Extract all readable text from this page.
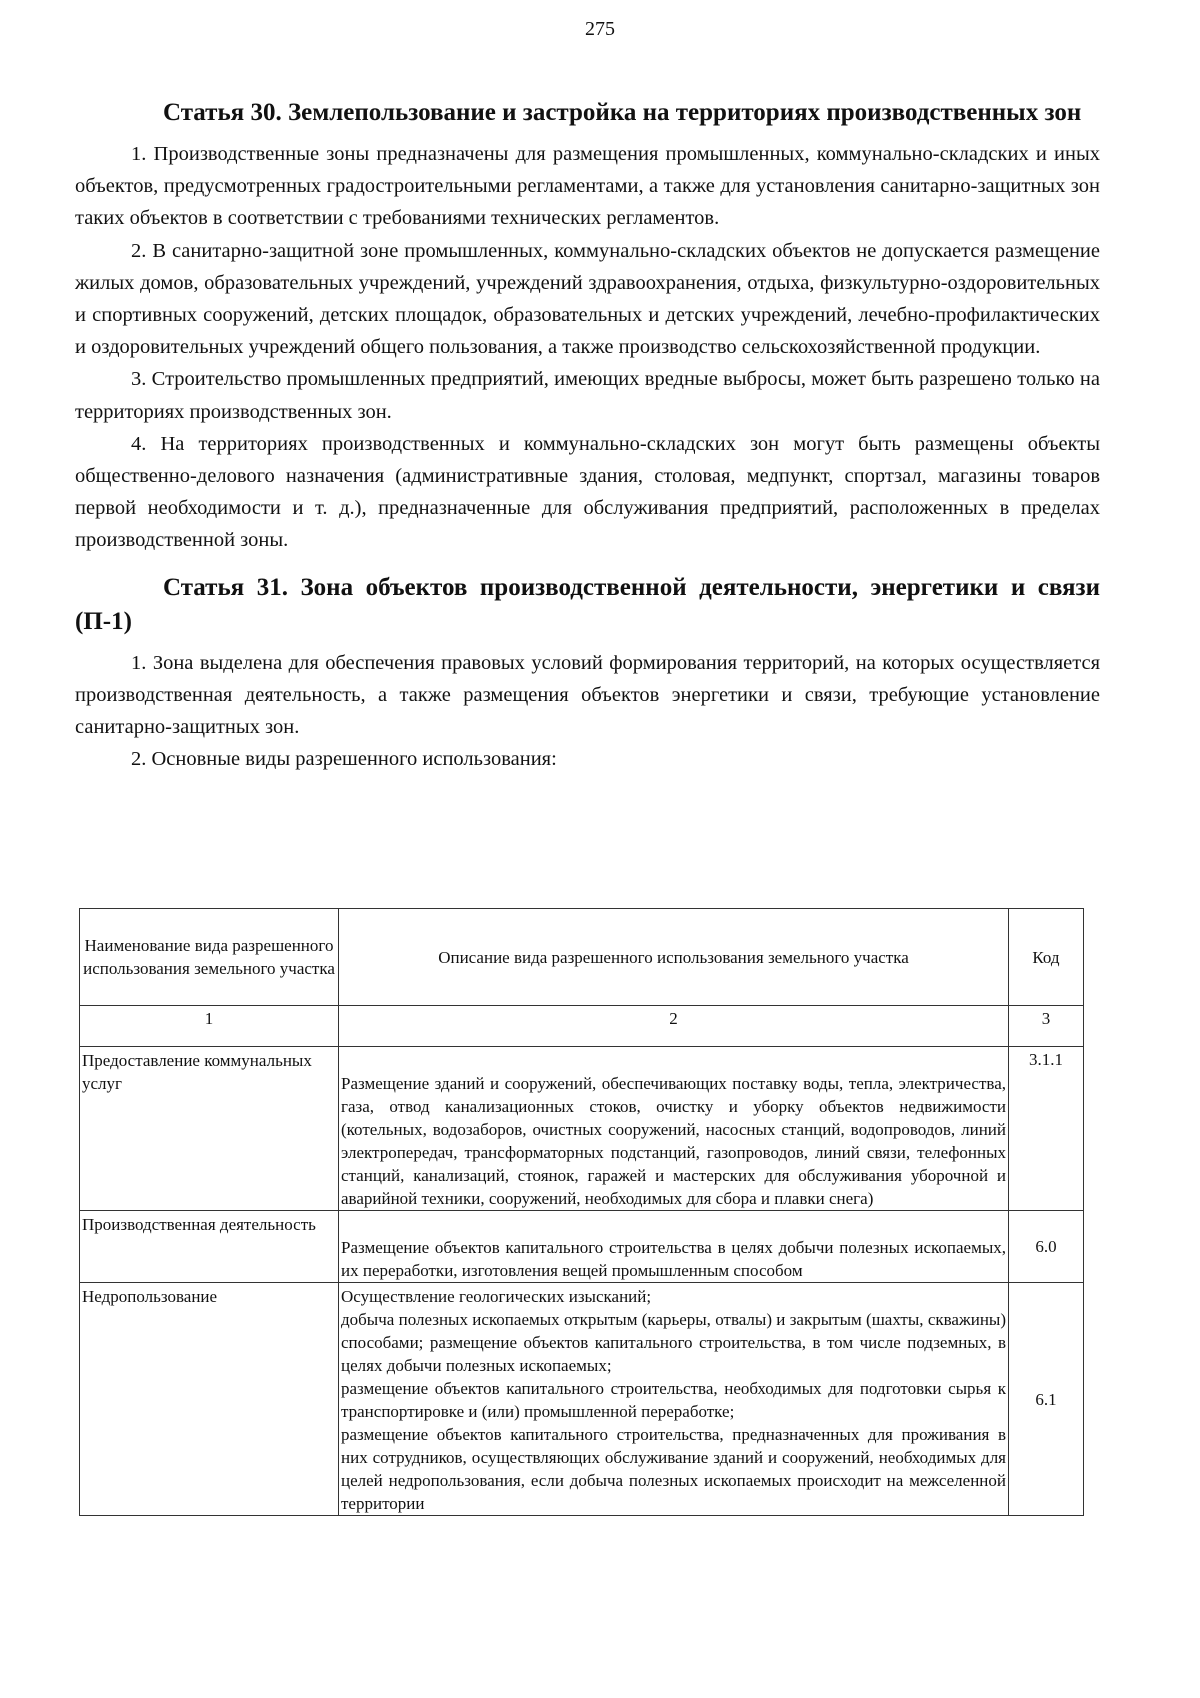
275
Статья 30. Землепользование и застройка на территориях производственных зон

1. Производственные зоны предназначены для размещения промышленных, коммунально-складских и иных объектов, предусмотренных градостроительными регламентами, а также для установления санитарно-защитных зон таких объектов в соответствии с требованиями технических регламентов.

2. В санитарно-защитной зоне промышленных, коммунально-складских объектов не допускается размещение жилых домов, образовательных учреждений, учреждений здравоохранения, отдыха, физкультурно-оздоровительных и спортивных сооружений, детских площадок, образовательных и детских учреждений, лечебно-профилактических и оздоровительных учреждений общего пользования, а также производство сельскохозяйственной продукции.

3. Строительство промышленных предприятий, имеющих вредные выбросы, может быть разрешено только на территориях производственных зон.

4. На территориях производственных и коммунально-складских зон могут быть размещены объекты общественно-делового назначения (административные здания, столовая, медпункт, спортзал, магазины товаров первой необходимости и т. д.), предназначенные для обслуживания предприятий, расположенных в пределах производственной зоны.

Статья 31. Зона объектов производственной деятельности, энергетики и связи (П-1)

1. Зона выделена для обеспечения правовых условий формирования территорий, на которых осуществляется производственная деятельность, а также размещения объектов энергетики и связи, требующие установление санитарно-защитных зон.

2. Основные виды разрешенного использования:

Наименование вида разрешенного использования земельного участка	Описание вида разрешенного использования земельного участка	Код
1	2	3
Предоставление коммунальных услуг	Размещение зданий и сооружений, обеспечивающих поставку воды, тепла, электричества, газа, отвод канализационных стоков, очистку и уборку объектов недвижимости (котельных, водозаборов, очистных сооружений, насосных станций, водопроводов, линий электропередач, трансформаторных подстанций, газопроводов, линий связи, телефонных станций, канализаций, стоянок, гаражей и мастерских для обслуживания уборочной и аварийной техники, сооружений, необходимых для сбора и плавки снега)	3.1.1
Производственная деятельность	Размещение объектов капитального строительства в целях добычи полезных ископаемых, их переработки, изготовления вещей промышленным способом	6.0
Недропользование	Осуществление геологических изысканий;
добыча полезных ископаемых открытым (карьеры, отвалы) и закрытым (шахты, скважины) способами; размещение объектов капитального строительства, в том числе подземных, в целях добычи полезных ископаемых;
размещение объектов капитального строительства, необходимых для подготовки сырья к транспортировке и (или) промышленной переработке;
размещение объектов капитального строительства, предназначенных для проживания в них сотрудников, осуществляющих обслуживание зданий и сооружений, необходимых для целей недропользования, если добыча полезных ископаемых происходит на межселенной территории	6.1
